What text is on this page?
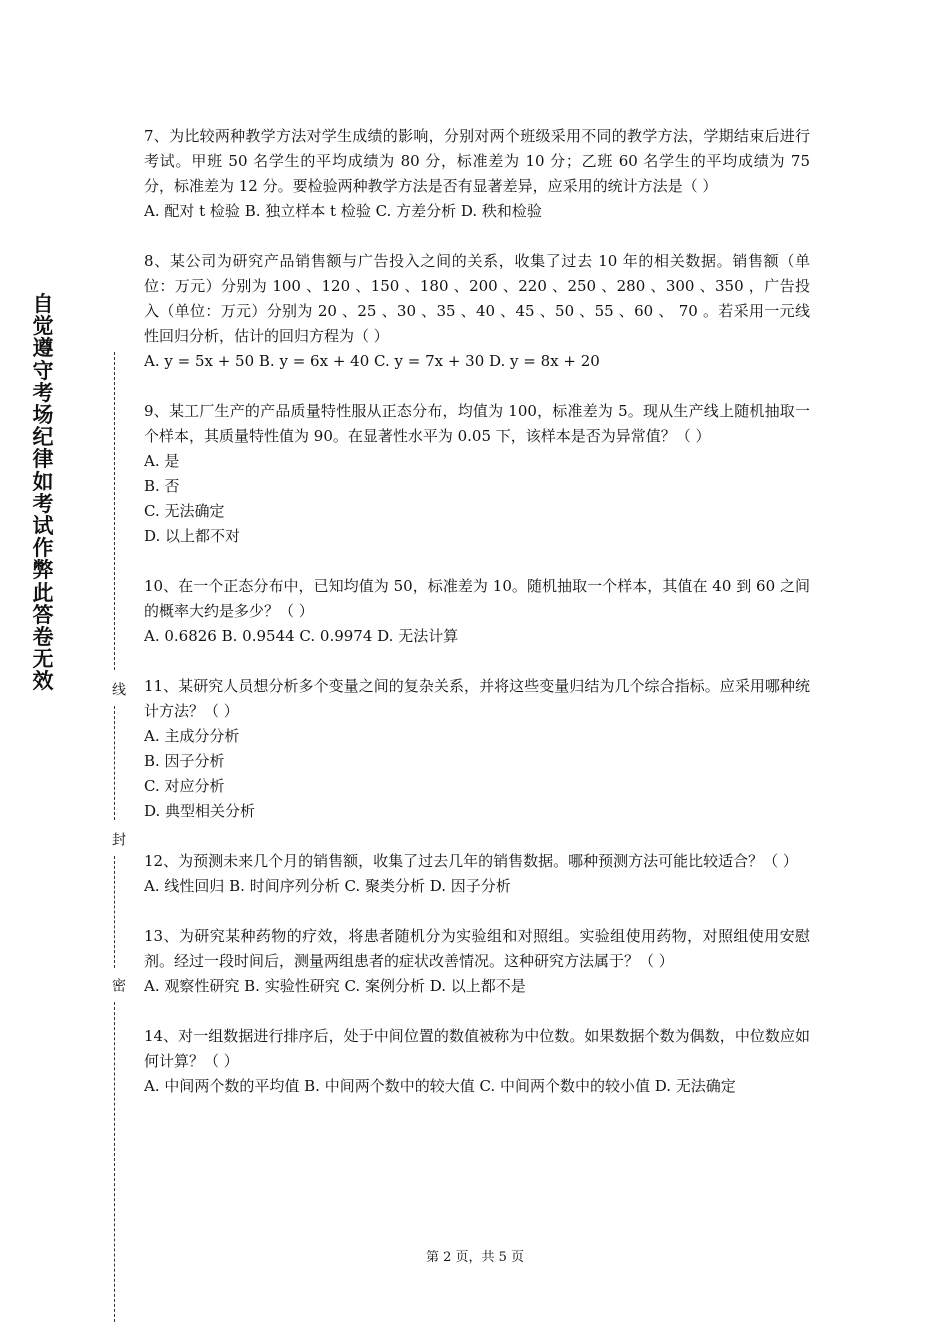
自觉遵守考场纪律如考试作弊此答卷无效	线
封
密

7、为比较两种教学方法对学生成绩的影响，分别对两个班级采用不同的教学方法，学期结束后进行考试。甲班 50 名学生的平均成绩为 80 分，标准差为 10 分；乙班 60 名学生的平均成绩为 75 分，标准差为 12 分。要检验两种教学方法是否有显著差异，应采用的统计方法是（ ）

A. 配对 t 检验 B. 独立样本 t 检验 C. 方差分析 D. 秩和检验

8、某公司为研究产品销售额与广告投入之间的关系，收集了过去 10 年的相关数据。销售额（单位：万元）分别为 100 、120 、150 、180 、200 、220 、250 、280 、300 、350 ，广告投入（单位：万元）分别为 20 、25 、30 、35 、40 、45 、50 、55 、60 、 70 。若采用一元线性回归分析，估计的回归方程为（ ）

A. y = 5x + 50 B. y = 6x + 40 C. y = 7x + 30 D. y = 8x + 20

9、某工厂生产的产品质量特性服从正态分布，均值为 100，标准差为 5。现从生产线上随机抽取一个样本，其质量特性值为 90。在显著性水平为 0.05 下，该样本是否为异常值？（ ）

A. 是

B. 否

C. 无法确定

D. 以上都不对

10、在一个正态分布中，已知均值为 50，标准差为 10。随机抽取一个样本，其值在 40 到 60 之间的概率大约是多少？（ ）

A. 0.6826 B. 0.9544 C. 0.9974 D. 无法计算

11、某研究人员想分析多个变量之间的复杂关系，并将这些变量归结为几个综合指标。应采用哪种统计方法？（ ）

A. 主成分分析

B. 因子分析

C. 对应分析

D. 典型相关分析

12、为预测未来几个月的销售额，收集了过去几年的销售数据。哪种预测方法可能比较适合？（ ）

A. 线性回归 B. 时间序列分析 C. 聚类分析 D. 因子分析

13、为研究某种药物的疗效，将患者随机分为实验组和对照组。实验组使用药物，对照组使用安慰剂。经过一段时间后，测量两组患者的症状改善情况。这种研究方法属于？（ ）

A. 观察性研究 B. 实验性研究 C. 案例分析 D. 以上都不是

14、对一组数据进行排序后，处于中间位置的数值被称为中位数。如果数据个数为偶数，中位数应如何计算？（ ）

A. 中间两个数的平均值 B. 中间两个数中的较大值 C. 中间两个数中的较小值 D. 无法确定

第 2 页，共 5 页
